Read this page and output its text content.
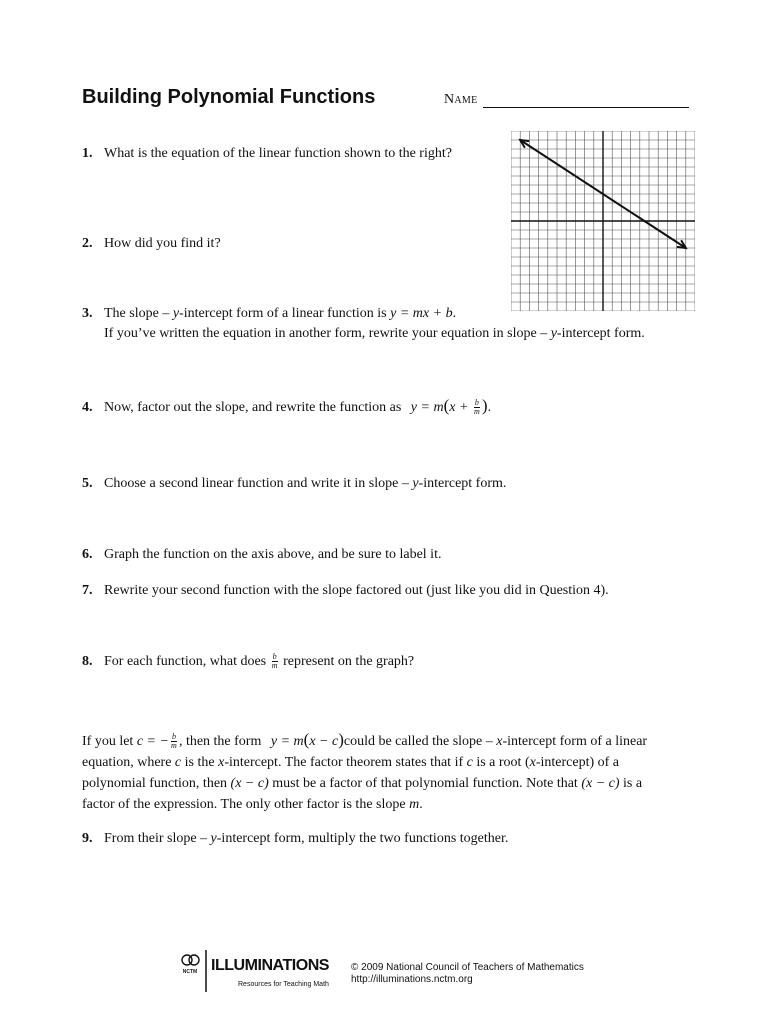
Building Polynomial Functions	Name
1. What is the equation of the linear function shown to the right?
2. How did you find it?
3. The slope – y-intercept form of a linear function is y = mx + b.
If you’ve written the equation in another form, rewrite your equation in slope – y-intercept form.
4. Now, factor out the slope, and rewrite the function as $y = m(x + \frac{b}{m}$ ).
5. Choose a second linear function and write it in slope – y-intercept form.
6. Graph the function on the axis above, and be sure to label it.
7. Rewrite your second function with the slope factored out (just like you did in Question 4).
8. For each function, what does $\frac{b}{m}$ represent on the graph?

If you let c = − $\frac{b}{m}$ , then the form y = m(x − c)could be called the slope – x-intercept form of a linear

equation, where c is the x-intercept. The factor theorem states that if c is a root (x-intercept) of a

polynomial function, then (x − c) must be a factor of that polynomial function. Note that (x − c) is a

factor of the expression. The only other factor is the slope m.

9. From their slope – y-intercept form, multiply the two functions together.
NCTM ILLUMINATIONS
Resources for Teaching Math
© 2009 National Council of Teachers of Mathematics
http://illuminations.nctm.org
